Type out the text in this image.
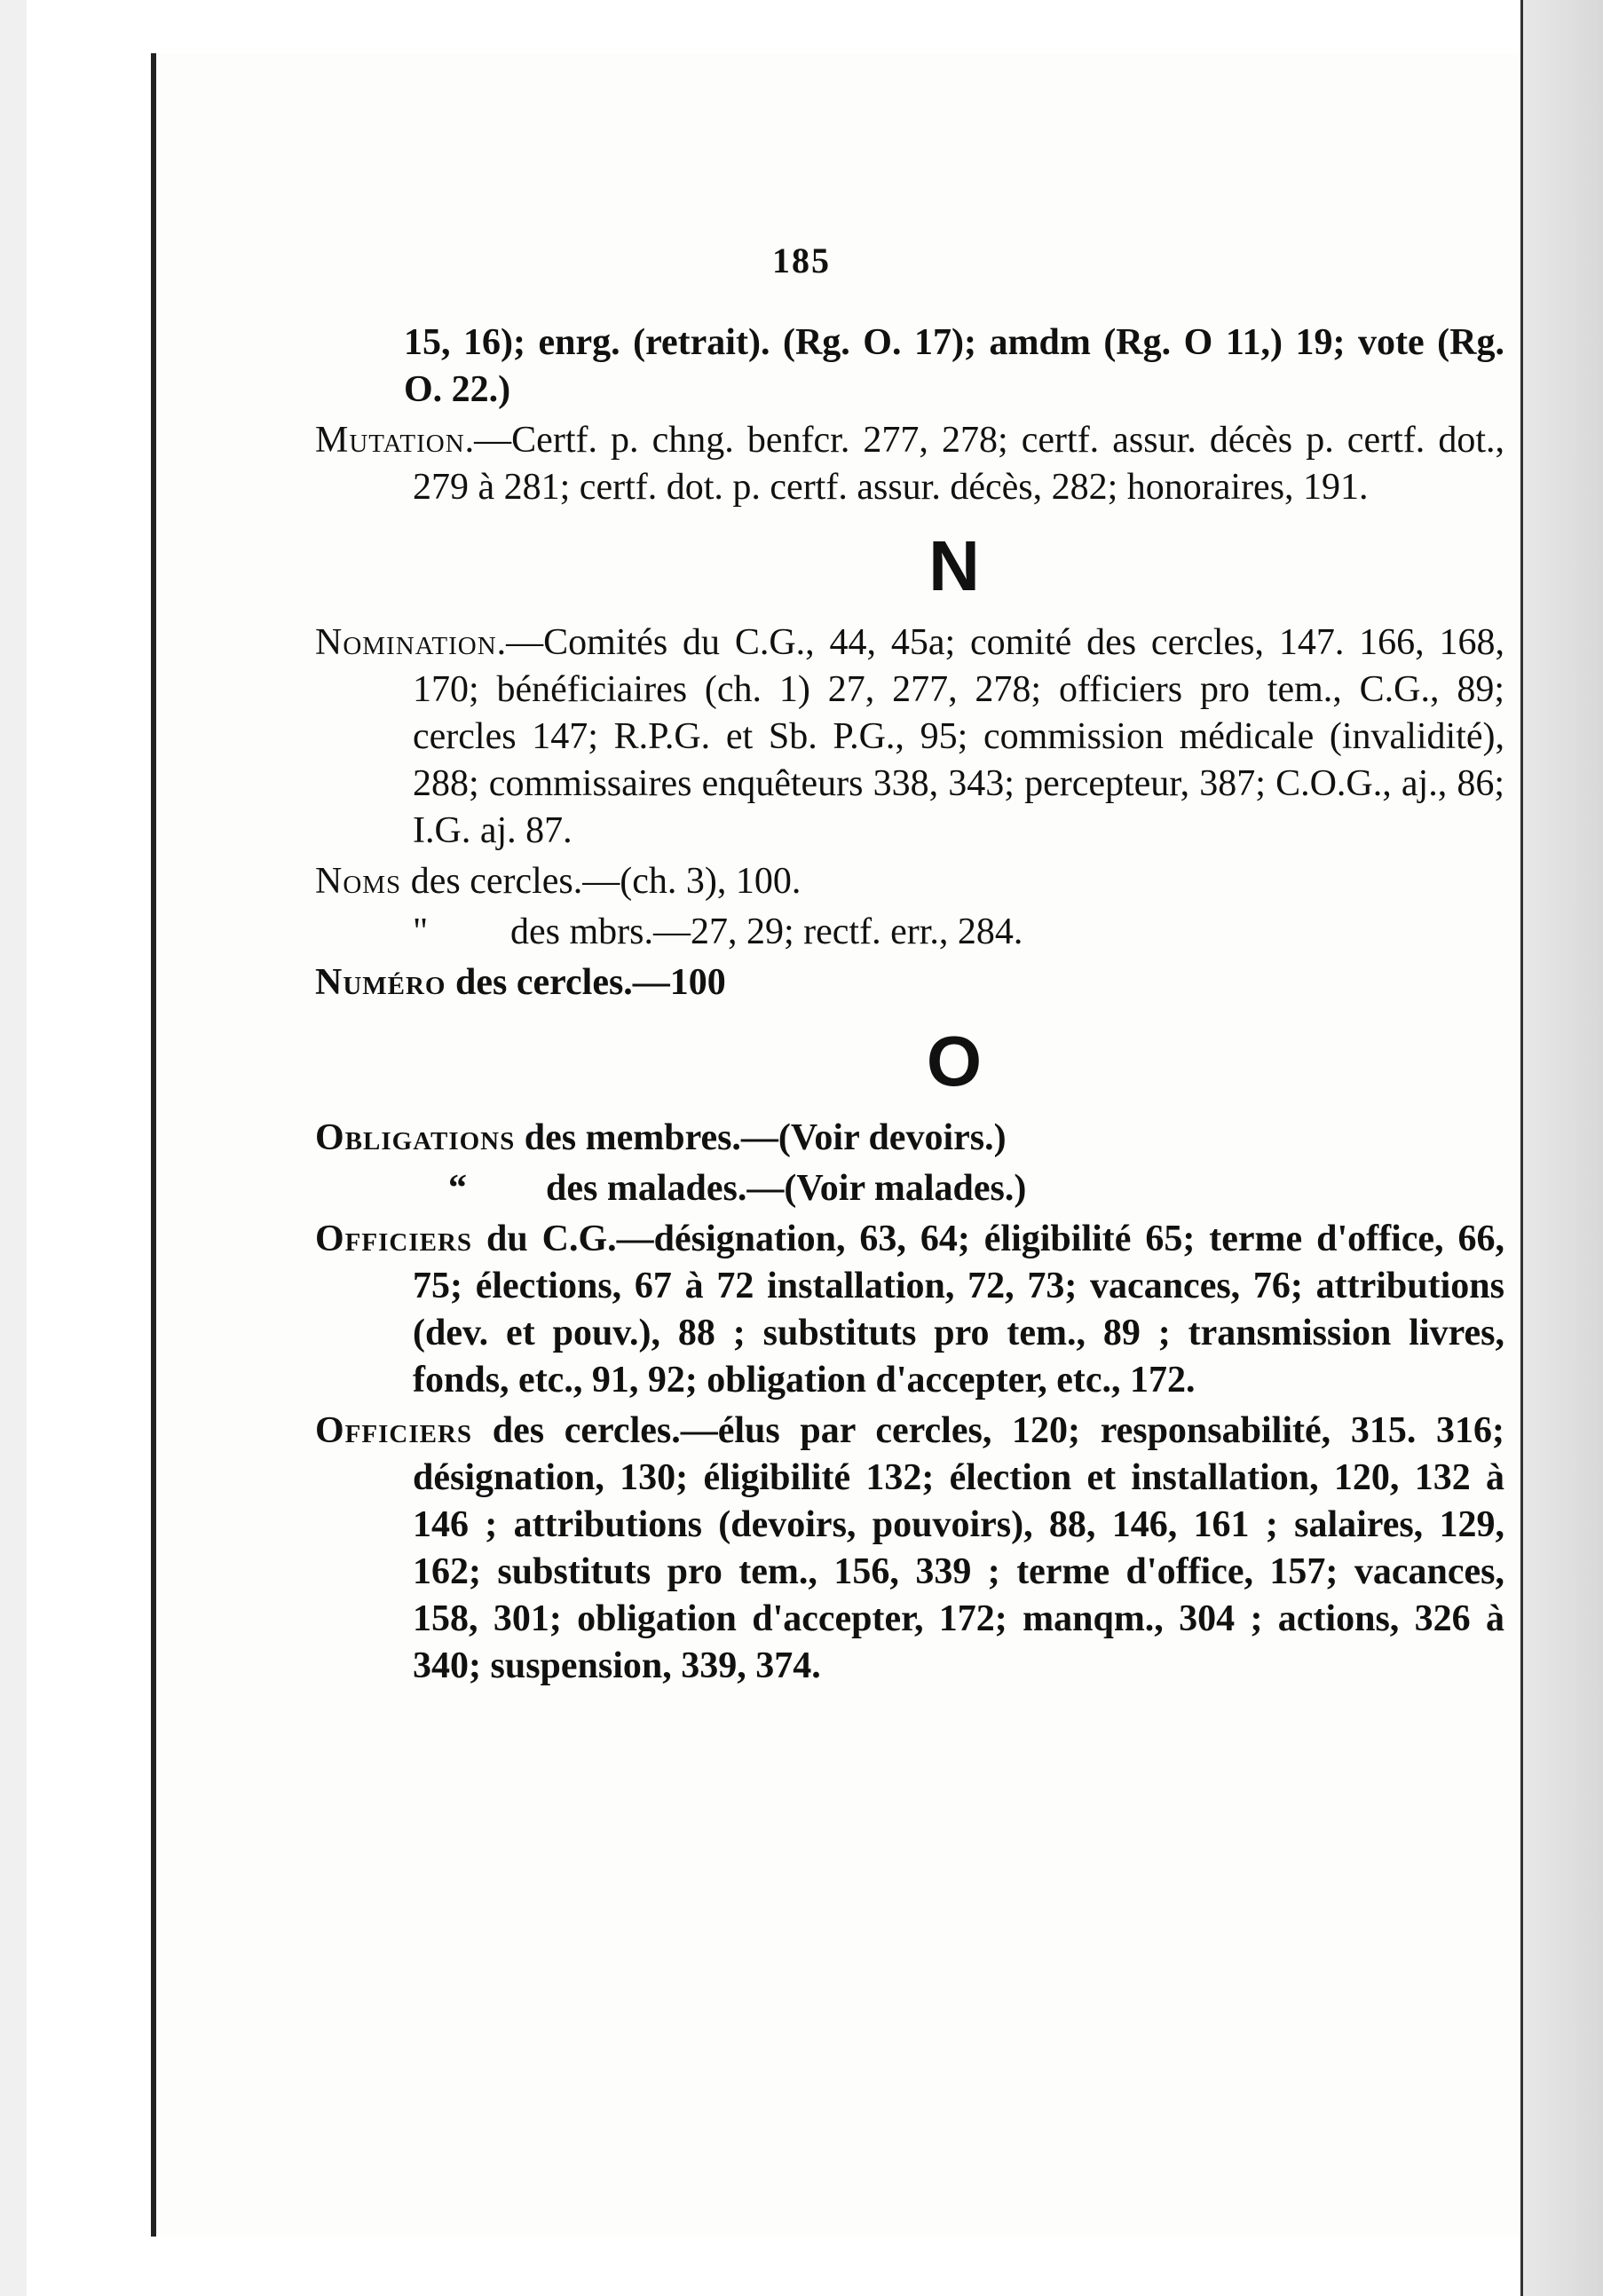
185

15, 16); enrg. (retrait). (Rg. O. 17); amdm (Rg. O 11,) 19; vote (Rg. O. 22.)

Mutation.—Certf. p. chng. benfcr. 277, 278; certf. assur. décès p. certf. dot., 279 à 281; certf. dot. p. certf. assur. décès, 282; honoraires, 191.

N

Nomination.—Comités du C.G., 44, 45a; comité des cercles, 147. 166, 168, 170; bénéficiaires (ch. 1) 27, 277, 278; officiers pro tem., C.G., 89; cercles 147; R.P.G. et Sb. P.G., 95; commission médicale (invalidité), 288; commissaires enquêteurs 338, 343; percepteur, 387; C.O.G., aj., 86; I.G. aj. 87.

Noms des cercles.—(ch. 3), 100.

" des mbrs.—27, 29; rectf. err., 284.

Numéro des cercles.—100

O

Obligations des membres.—(Voir devoirs.)

“ des malades.—(Voir malades.)

Officiers du C.G.—désignation, 63, 64; éligibilité 65; terme d'office, 66, 75; élections, 67 à 72 installation, 72, 73; vacances, 76; attributions (dev. et pouv.), 88 ; substituts pro tem., 89 ; transmission livres, fonds, etc., 91, 92; obligation d'accepter, etc., 172.

Officiers des cercles.—élus par cercles, 120; responsabilité, 315. 316; désignation, 130; éligibilité 132; élection et installation, 120, 132 à 146 ; attributions (devoirs, pouvoirs), 88, 146, 161 ; salaires, 129, 162; substituts pro tem., 156, 339 ; terme d'office, 157; vacances, 158, 301; obligation d'accepter, 172; manqm., 304 ; actions, 326 à 340; suspension, 339, 374.
